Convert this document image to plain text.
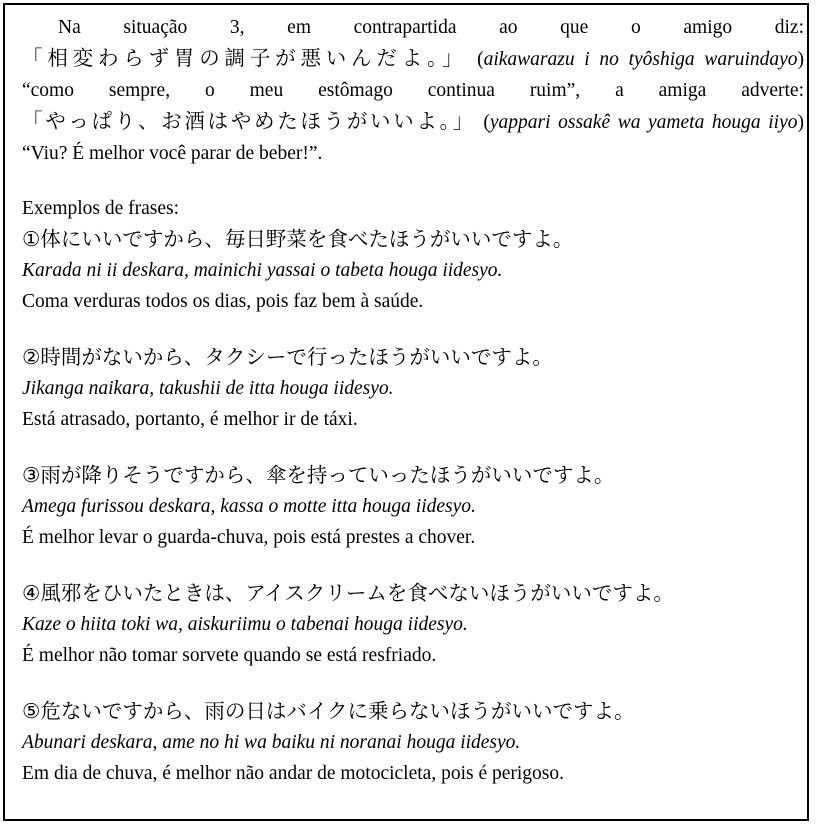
Na situação 3, em contrapartida ao que o amigo diz:
「相変わらず胃の調子が悪いんだよ。」 (aikawarazu i no tyôshiga waruindayo)
“como sempre, o meu estômago continua ruim”, a amiga adverte:
「やっぱり、お酒はやめたほうがいいよ。」 (yappari ossakê wa yameta houga iiyo)
“Viu? É melhor você parar de beber!”.
Exemplos de frases:
①体にいいですから、毎日野菜を食べたほうがいいですよ。
Karada ni ii deskara, mainichi yassai o tabeta houga iidesyo.
Coma verduras todos os dias, pois faz bem à saúde.
②時間がないから、タクシーで行ったほうがいいですよ。
Jikanga naikara, takushii de itta houga iidesyo.
Está atrasado, portanto, é melhor ir de táxi.
③雨が降りそうですから、傘を持っていったほうがいいですよ。
Amega furissou deskara, kassa o motte itta houga iidesyo.
É melhor levar o guarda-chuva, pois está prestes a chover.
④風邪をひいたときは、アイスクリームを食べないほうがいいですよ。
Kaze o hiita toki wa, aiskuriimu o tabenai houga iidesyo.
É melhor não tomar sorvete quando se está resfriado.
⑤危ないですから、雨の日はバイクに乗らないほうがいいですよ。
Abunari deskara, ame no hi wa baiku ni noranai houga iidesyo.
Em dia de chuva, é melhor não andar de motocicleta, pois é perigoso.
